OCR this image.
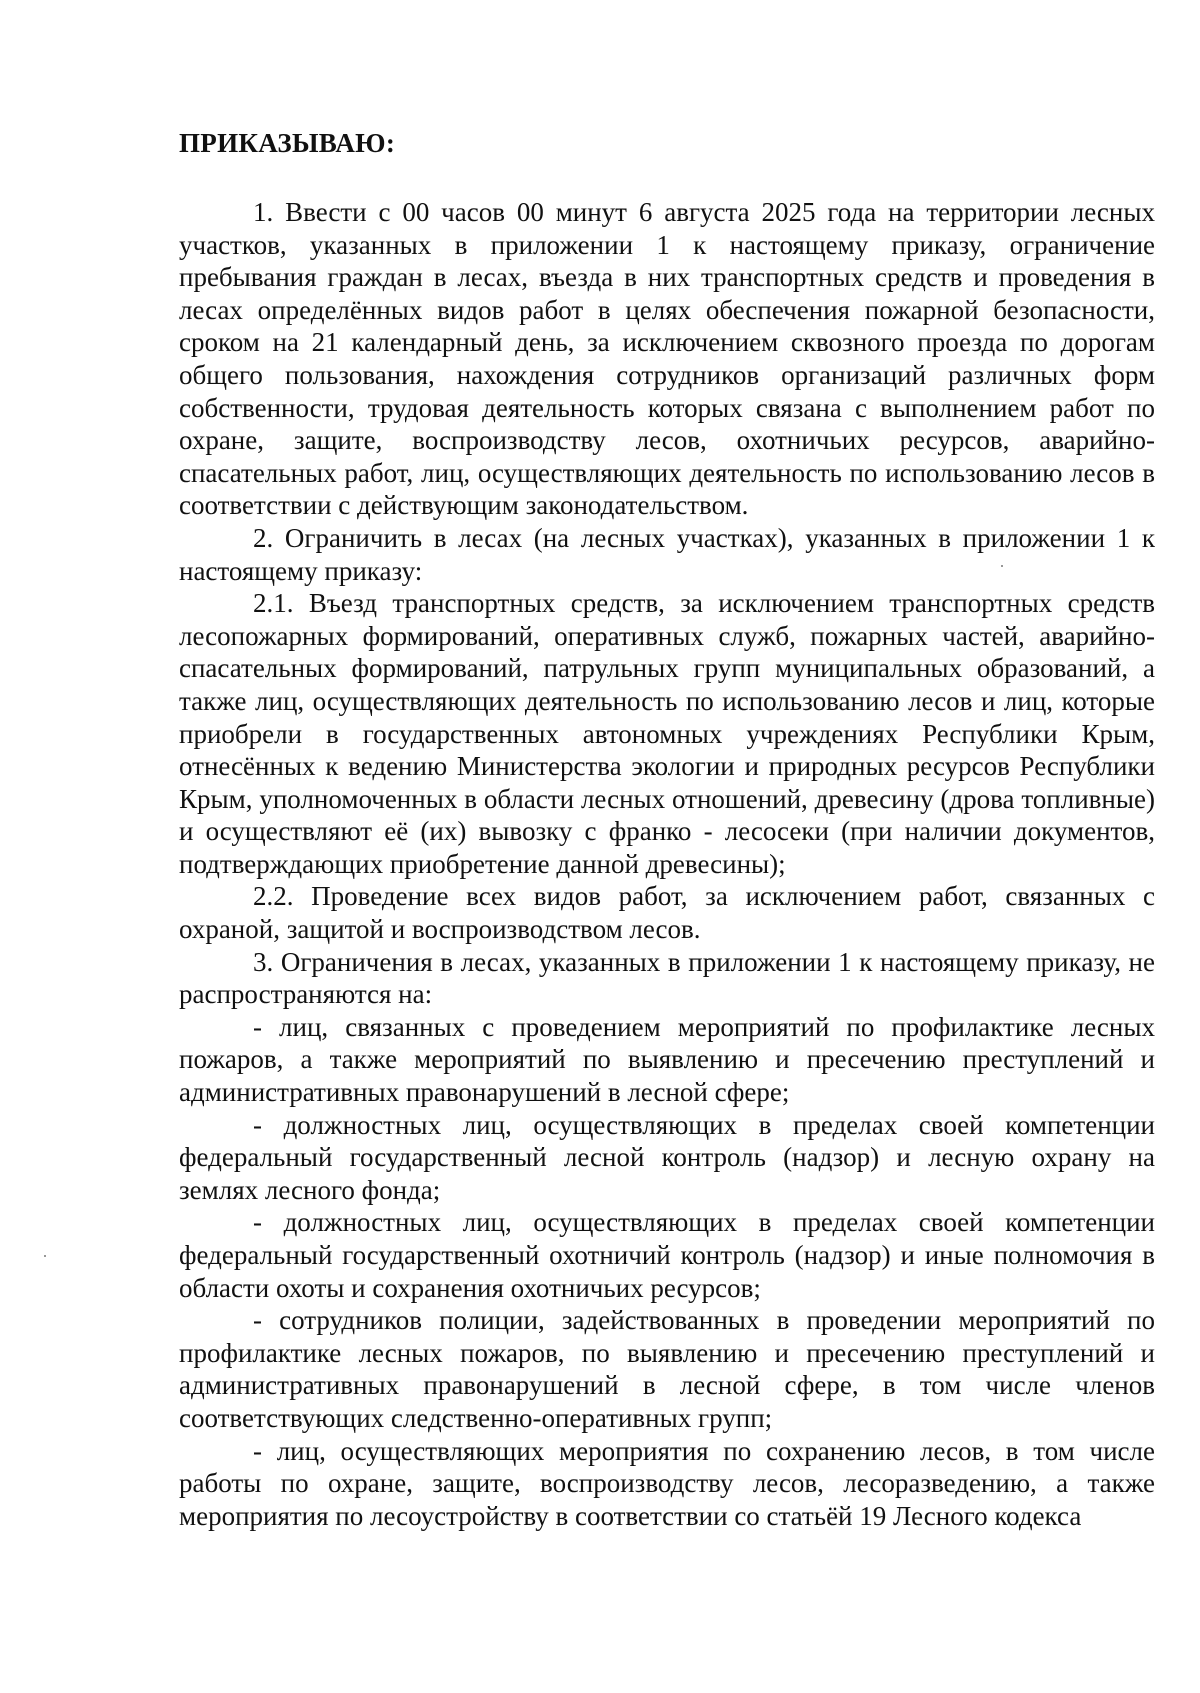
ПРИКАЗЫВАЮ:

1. Ввести с 00 часов 00 минут 6 августа 2025 года на территории лесных участков, указанных в приложении 1 к настоящему приказу, ограничение пребывания граждан в лесах, въезда в них транспортных средств и проведения в лесах определённых видов работ в целях обеспечения пожарной безопасности, сроком на 21 календарный день, за исключением сквозного проезда по дорогам общего пользования, нахождения сотрудников организаций различных форм собственности, трудовая деятельность которых связана с выполнением работ по охране, защите, воспроизводству лесов, охотничьих ресурсов, аварийно-спасательных работ, лиц, осуществляющих деятельность по использованию лесов в соответствии с действующим законодательством.

2. Ограничить в лесах (на лесных участках), указанных в приложении 1 к настоящему приказу:

2.1. Въезд транспортных средств, за исключением транспортных средств лесопожарных формирований, оперативных служб, пожарных частей, аварийно-спасательных формирований, патрульных групп муниципальных образований, а также лиц, осуществляющих деятельность по использованию лесов и лиц, которые приобрели в государственных автономных учреждениях Республики Крым, отнесённых к ведению Министерства экологии и природных ресурсов Республики Крым, уполномоченных в области лесных отношений, древесину (дрова топливные) и осуществляют её (их) вывозку с франко - лесосеки (при наличии документов, подтверждающих приобретение данной древесины);

2.2. Проведение всех видов работ, за исключением работ, связанных с охраной, защитой и воспроизводством лесов.

3. Ограничения в лесах, указанных в приложении 1 к настоящему приказу, не распространяются на:

- лиц, связанных с проведением мероприятий по профилактике лесных пожаров, а также мероприятий по выявлению и пресечению преступлений и административных правонарушений в лесной сфере;

- должностных лиц, осуществляющих в пределах своей компетенции федеральный государственный лесной контроль (надзор) и лесную охрану на землях лесного фонда;

- должностных лиц, осуществляющих в пределах своей компетенции федеральный государственный охотничий контроль (надзор) и иные полномочия в области охоты и сохранения охотничьих ресурсов;

- сотрудников полиции, задействованных в проведении мероприятий по профилактике лесных пожаров, по выявлению и пресечению преступлений и административных правонарушений в лесной сфере, в том числе членов соответствующих следственно-оперативных групп;

- лиц, осуществляющих мероприятия по сохранению лесов, в том числе работы по охране, защите, воспроизводству лесов, лесоразведению, а также мероприятия по лесоустройству в соответствии со статьёй 19 Лесного кодекса
